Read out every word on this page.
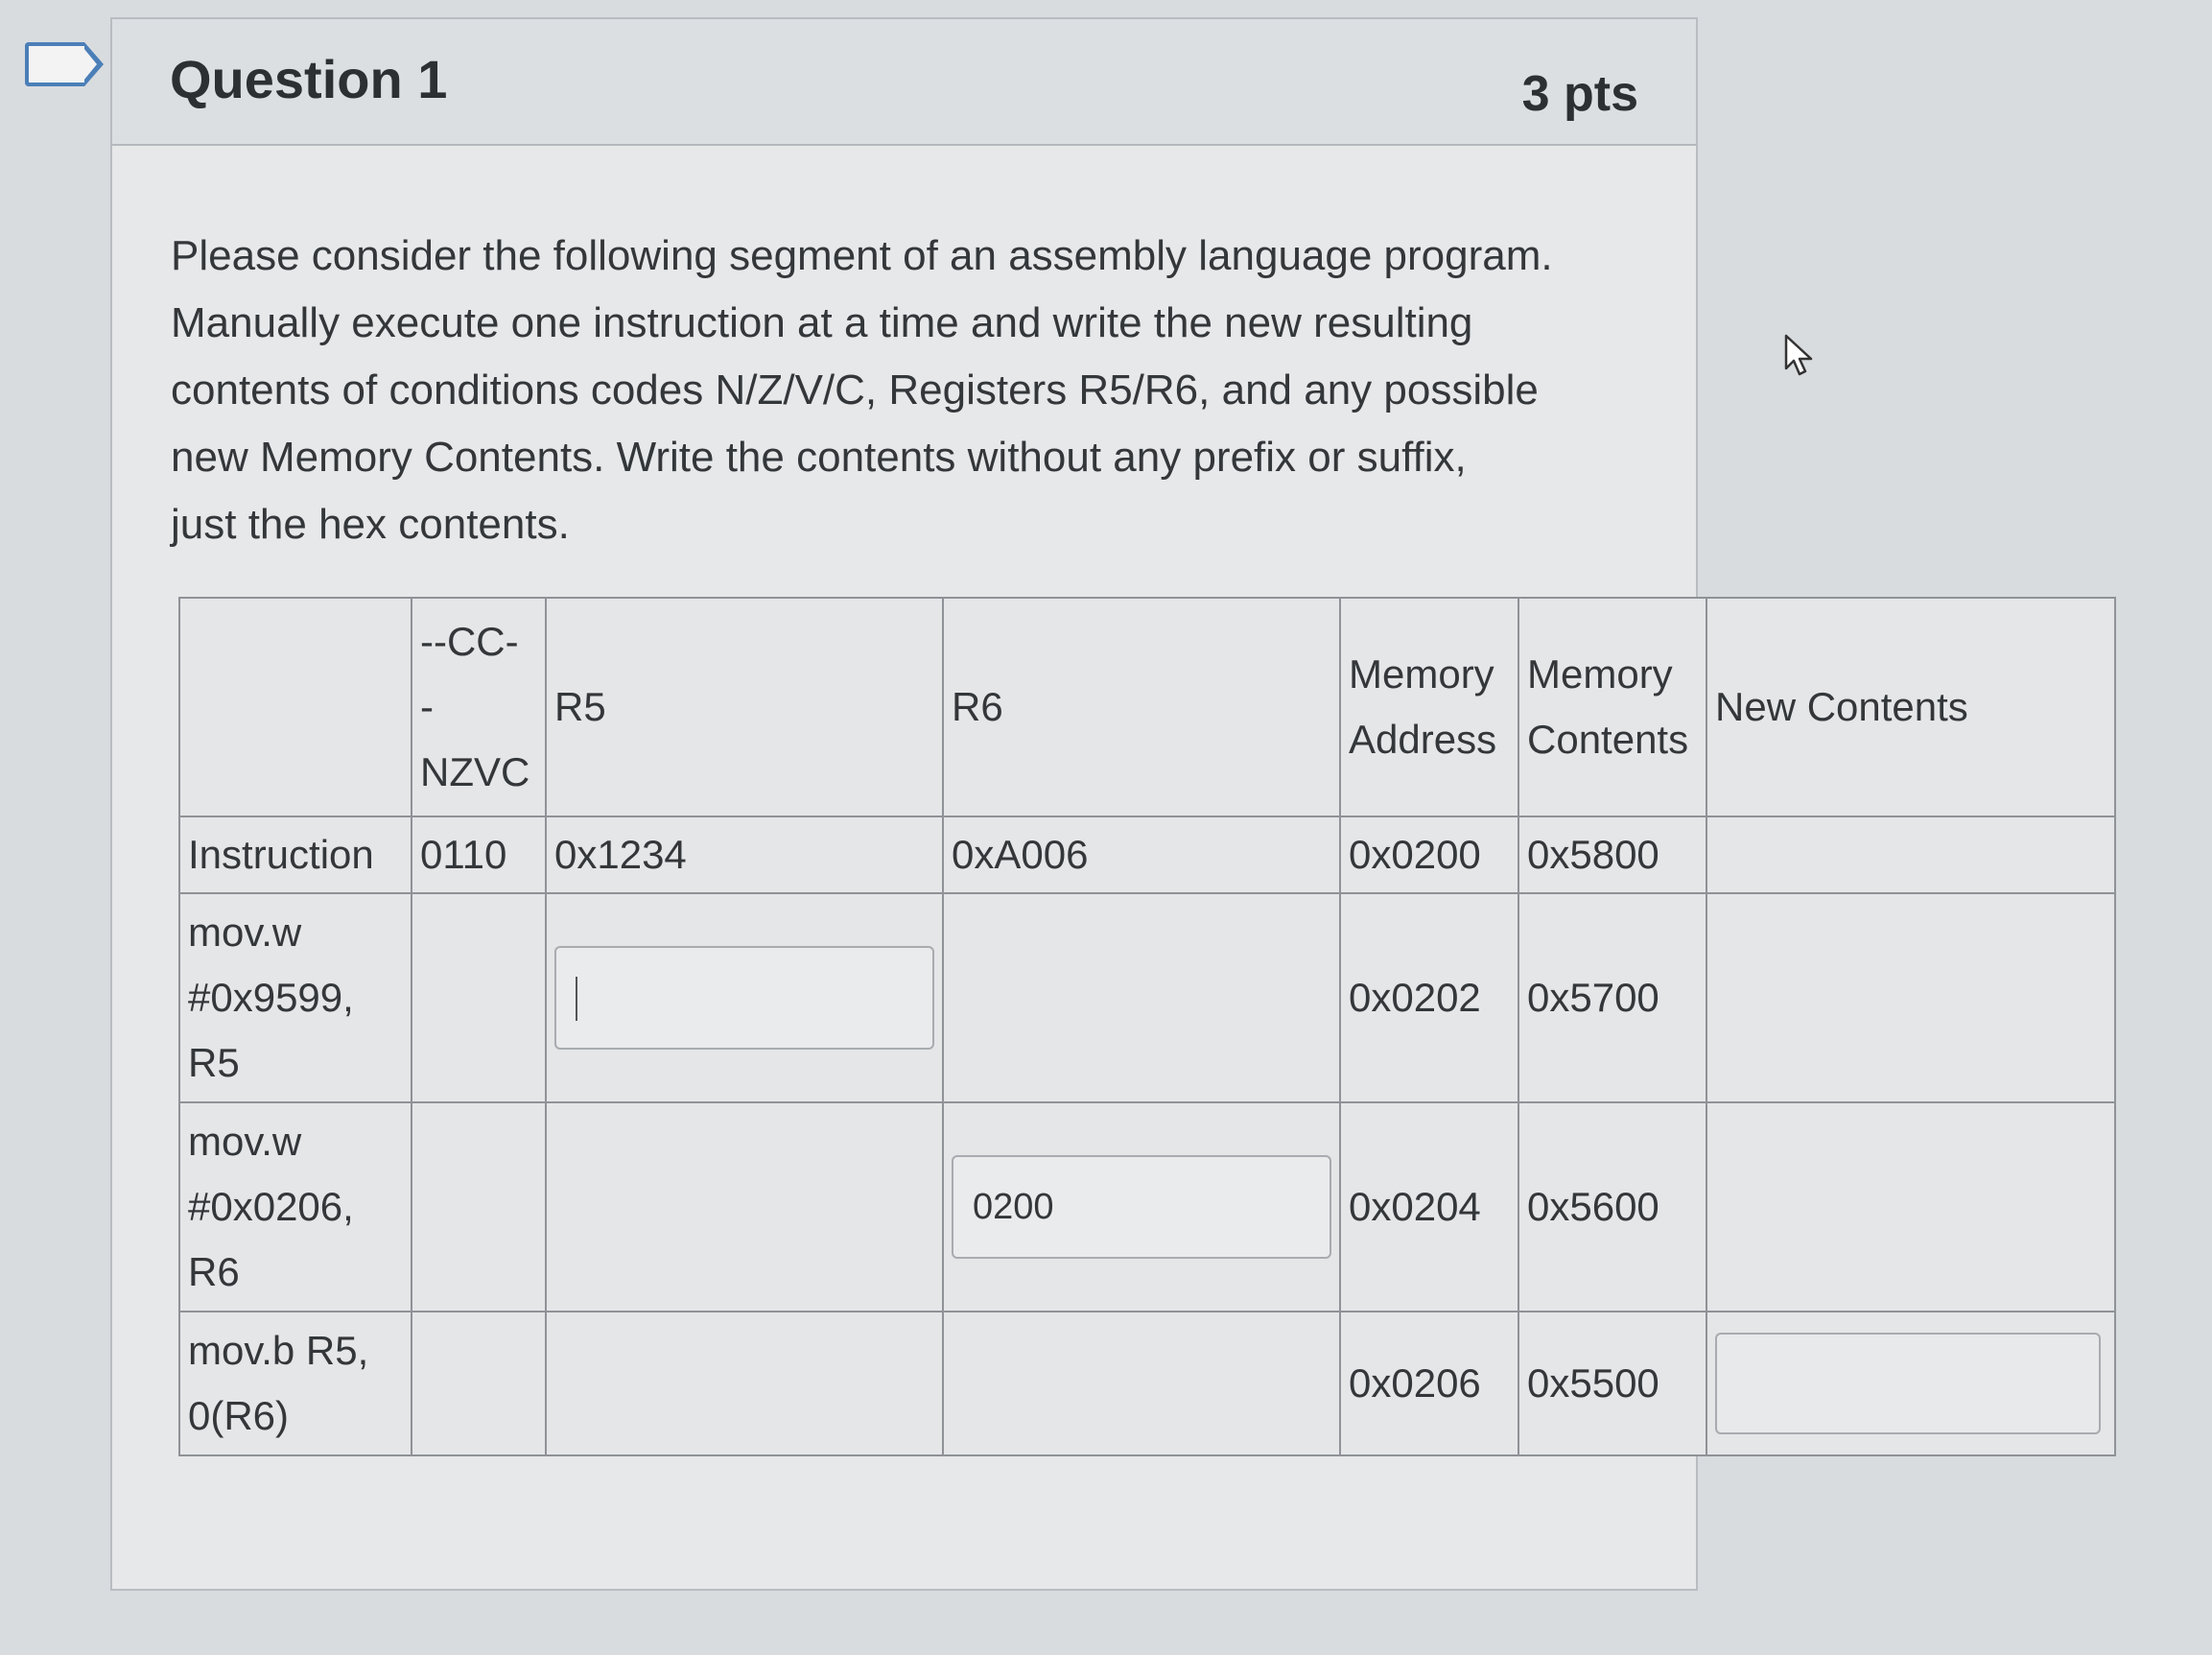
Question 1	3 pts

Please consider the following segment of an assembly language program.

Manually execute one instruction at a time and write the new resulting

contents of conditions codes N/Z/V/C, Registers R5/R6, and any possible

new Memory Contents. Write the contents without any prefix or suffix,

just the hex contents.

	--CC-
-
NZVC	R5	R6	Memory
Address	Memory
Contents	New Contents
Instruction	0110	0x1234	0xA006	0x0200	0x5800	

mov.w
#0x9599,
R5				0x0202	0x5700	

mov.w
#0x0206,
R6			0200	0x0204	0x5600	

mov.b R5,
0(R6)				0x0206	0x5500	
